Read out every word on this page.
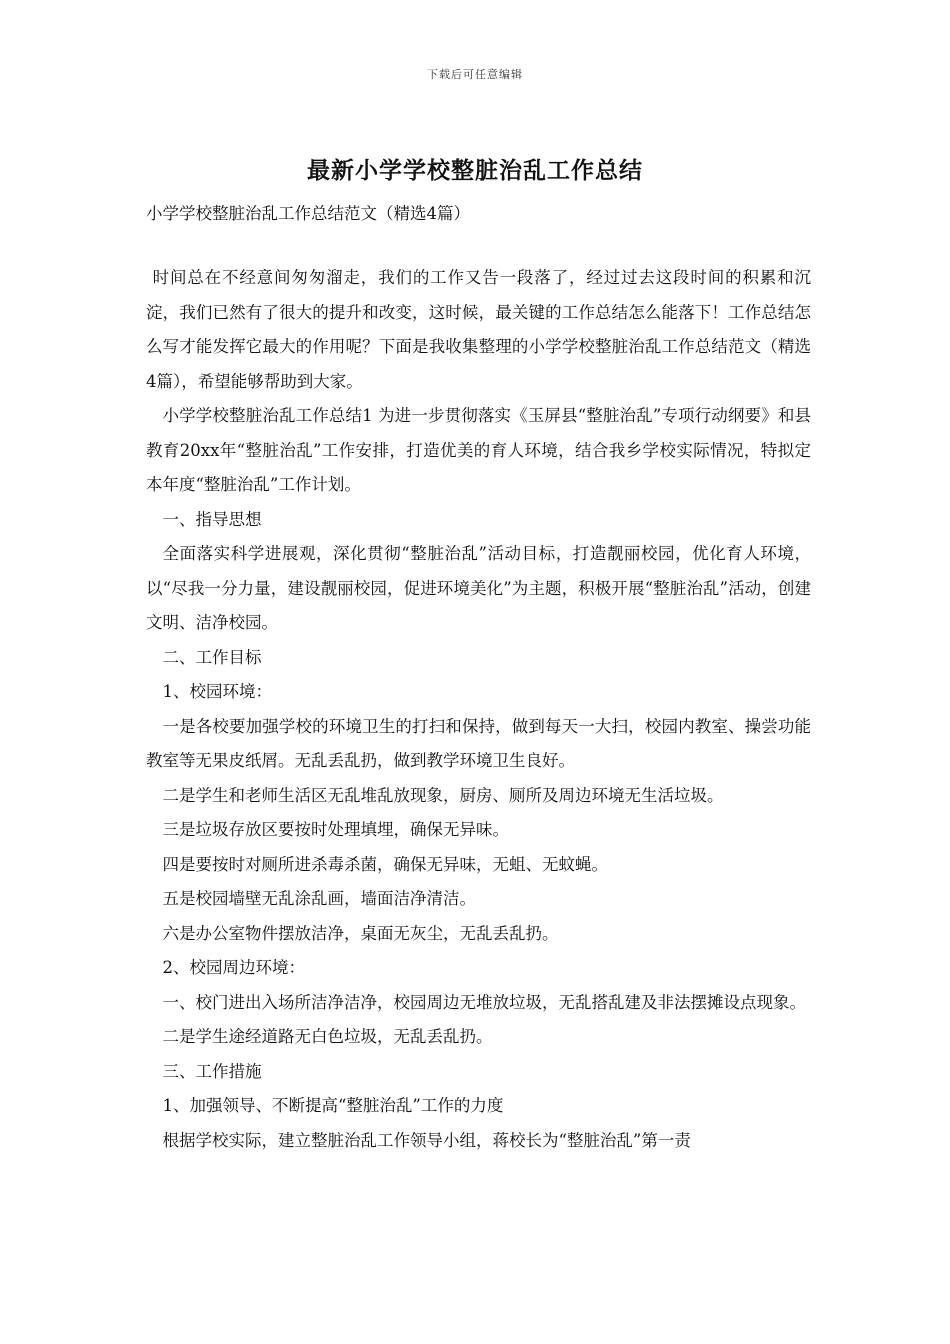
下载后可任意编辑
最新小学学校整脏治乱工作总结
小学学校整脏治乱工作总结范文（精选4篇）

时间总在不经意间匆匆溜走，我们的工作又告一段落了，经过过去这段时间的积累和沉淀，我们已然有了很大的提升和改变，这时候，最关键的工作总结怎么能落下！工作总结怎么写才能发挥它最大的作用呢？下面是我收集整理的小学学校整脏治乱工作总结范文（精选4篇），希望能够帮助到大家。

小学学校整脏治乱工作总结1 为进一步贯彻落实《玉屏县“整脏治乱”专项行动纲要》和县教育20xx年“整脏治乱”工作安排，打造优美的育人环境，结合我乡学校实际情况，特拟定本年度“整脏治乱”工作计划。

一、指导思想

全面落实科学进展观，深化贯彻“整脏治乱”活动目标，打造靓丽校园，优化育人环境，以“尽我一分力量，建设靓丽校园，促进环境美化”为主题，积极开展“整脏治乱”活动，创建文明、洁净校园。

二、工作目标

1、校园环境：

一是各校要加强学校的环境卫生的打扫和保持，做到每天一大扫，校园内教室、操尝功能教室等无果皮纸屑。无乱丢乱扔，做到教学环境卫生良好。

二是学生和老师生活区无乱堆乱放现象，厨房、厕所及周边环境无生活垃圾。

三是垃圾存放区要按时处理填埋，确保无异味。

四是要按时对厕所进杀毒杀菌，确保无异味，无蛆、无蚊蝇。

五是校园墙壁无乱涂乱画，墙面洁净清洁。

六是办公室物件摆放洁净，桌面无灰尘，无乱丢乱扔。

2、校园周边环境：

一、校门进出入场所洁净洁净，校园周边无堆放垃圾，无乱搭乱建及非法摆摊设点现象。

二是学生途经道路无白色垃圾，无乱丢乱扔。

三、工作措施

1、加强领导、不断提高“整脏治乱”工作的力度

根据学校实际，建立整脏治乱工作领导小组，蒋校长为“整脏治乱”第一责
